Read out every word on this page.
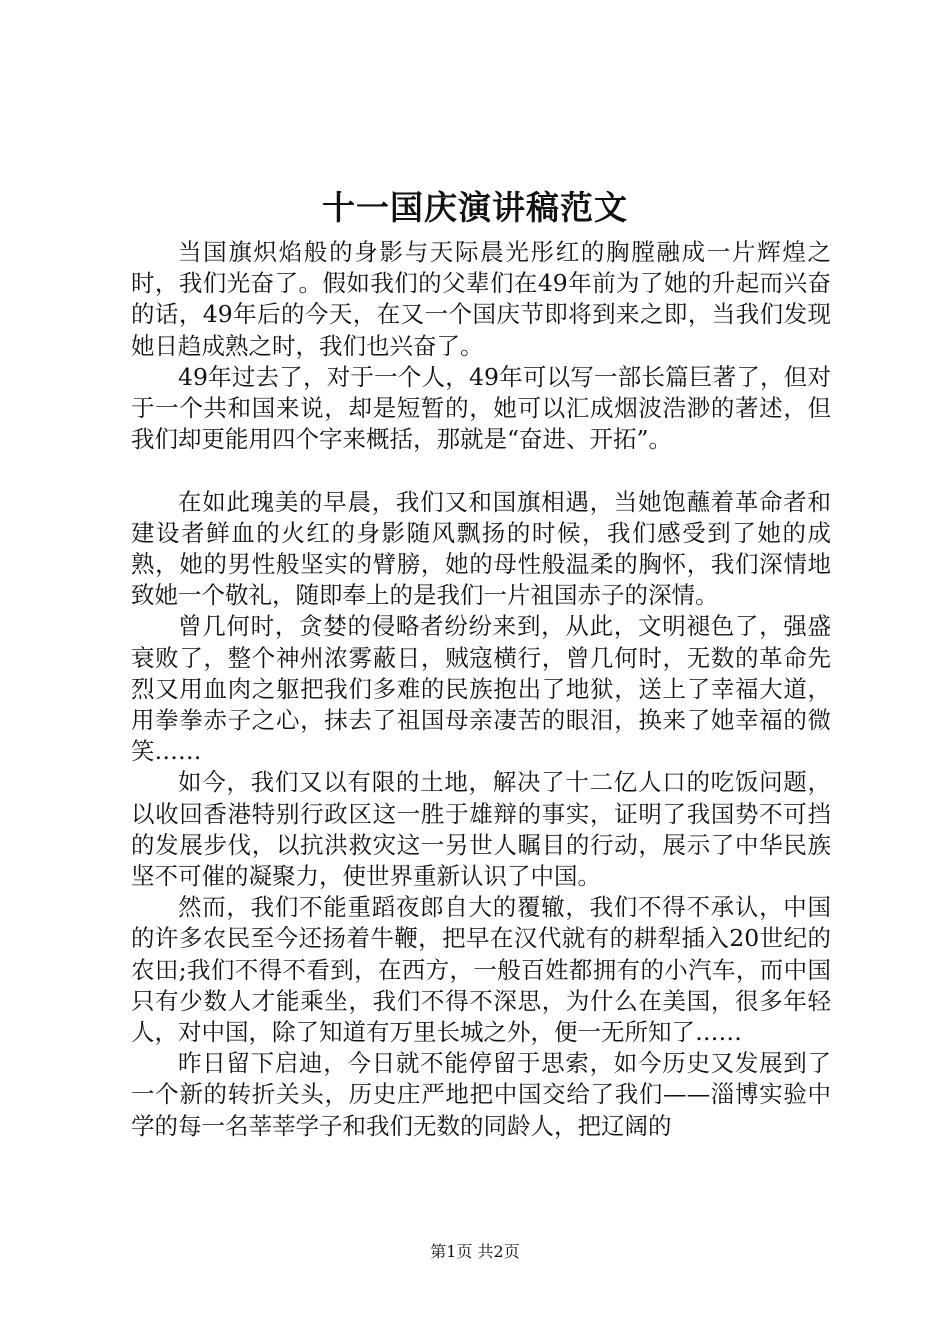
十一国庆演讲稿范文

当国旗炽焰般的身影与天际晨光彤红的胸膛融成一片辉煌之时，我们光奋了。假如我们的父辈们在49年前为了她的升起而兴奋的话，49年后的今天，在又一个国庆节即将到来之即，当我们发现她日趋成熟之时，我们也兴奋了。

49年过去了，对于一个人，49年可以写一部长篇巨著了，但对于一个共和国来说，却是短暂的，她可以汇成烟波浩渺的著述，但我们却更能用四个字来概括，那就是“奋进、开拓”。

在如此瑰美的早晨，我们又和国旗相遇，当她饱蘸着革命者和建设者鲜血的火红的身影随风飘扬的时候，我们感受到了她的成熟，她的男性般坚实的臂膀，她的母性般温柔的胸怀，我们深情地致她一个敬礼，随即奉上的是我们一片祖国赤子的深情。

曾几何时，贪婪的侵略者纷纷来到，从此，文明褪色了，强盛衰败了，整个神州浓雾蔽日，贼寇横行，曾几何时，无数的革命先烈又用血肉之躯把我们多难的民族抱出了地狱，送上了幸福大道，用拳拳赤子之心，抹去了祖国母亲凄苦的眼泪，换来了她幸福的微笑……

如今，我们又以有限的土地，解决了十二亿人口的吃饭问题，以收回香港特别行政区这一胜于雄辩的事实，证明了我国势不可挡的发展步伐，以抗洪救灾这一另世人瞩目的行动，展示了中华民族坚不可催的凝聚力，使世界重新认识了中国。

然而，我们不能重蹈夜郎自大的覆辙，我们不得不承认，中国的许多农民至今还扬着牛鞭，把早在汉代就有的耕犁插入20世纪的农田;我们不得不看到，在西方，一般百姓都拥有的小汽车，而中国只有少数人才能乘坐，我们不得不深思，为什么在美国，很多年轻人，对中国，除了知道有万里长城之外，便一无所知了……

昨日留下启迪，今日就不能停留于思索，如今历史又发展到了一个新的转折关头，历史庄严地把中国交给了我们——淄博实验中学的每一名莘莘学子和我们无数的同龄人，把辽阔的

第1页 共2页
